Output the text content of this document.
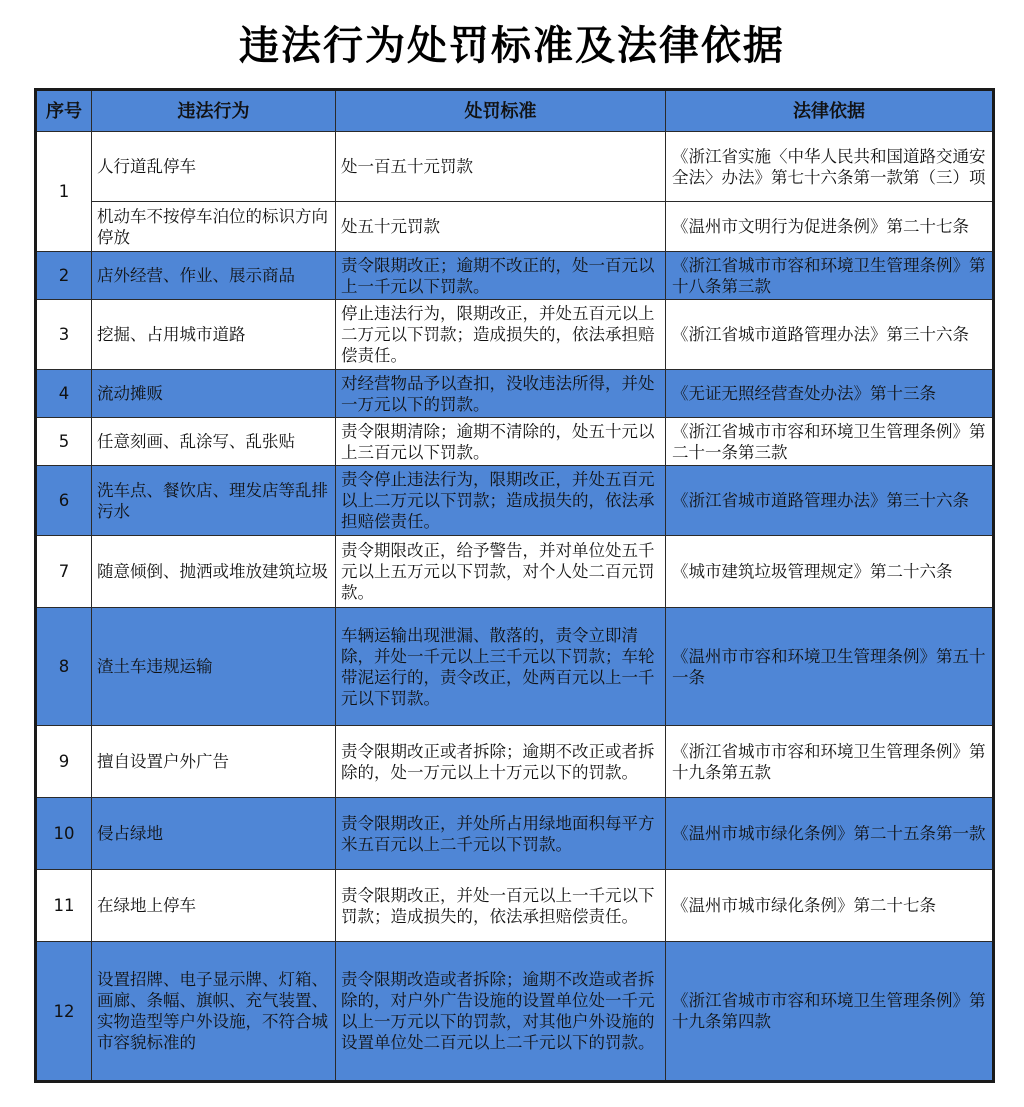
违法行为处罚标准及法律依据
序号	违法行为	处罚标准	法律依据
1	人行道乱停车	处一百五十元罚款	《浙江省实施〈中华人民共和国道路交通安全法〉办法》第七十六条第一款第（三）项
	机动车不按停车泊位的标识方向停放	处五十元罚款	《温州市文明行为促进条例》第二十七条
2	店外经营、作业、展示商品	责令限期改正；逾期不改正的，处一百元以上一千元以下罚款。	《浙江省城市市容和环境卫生管理条例》第十八条第三款
3	挖掘、占用城市道路	停止违法行为，限期改正，并处五百元以上二万元以下罚款；造成损失的，依法承担赔偿责任。	《浙江省城市道路管理办法》第三十六条
4	流动摊贩	对经营物品予以查扣，没收违法所得，并处一万元以下的罚款。	《无证无照经营查处办法》第十三条
5	任意刻画、乱涂写、乱张贴	责令限期清除；逾期不清除的，处五十元以上三百元以下罚款。	《浙江省城市市容和环境卫生管理条例》第二十一条第三款
6	洗车点、餐饮店、理发店等乱排污水	责令停止违法行为，限期改正，并处五百元以上二万元以下罚款；造成损失的，依法承担赔偿责任。	《浙江省城市道路管理办法》第三十六条
7	随意倾倒、抛洒或堆放建筑垃圾	责令期限改正，给予警告，并对单位处五千元以上五万元以下罚款，对个人处二百元罚款。	《城市建筑垃圾管理规定》第二十六条
8	渣土车违规运输	车辆运输出现泄漏、散落的，责令立即清除，并处一千元以上三千元以下罚款；车轮带泥运行的，责令改正，处两百元以上一千元以下罚款。	《温州市市容和环境卫生管理条例》第五十一条
9	擅自设置户外广告	责令限期改正或者拆除；逾期不改正或者拆除的，处一万元以上十万元以下的罚款。	《浙江省城市市容和环境卫生管理条例》第十九条第五款
10	侵占绿地	责令限期改正，并处所占用绿地面积每平方米五百元以上二千元以下罚款。	《温州市城市绿化条例》第二十五条第一款
11	在绿地上停车	责令限期改正，并处一百元以上一千元以下罚款；造成损失的，依法承担赔偿责任。	《温州市城市绿化条例》第二十七条
12	设置招牌、电子显示牌、灯箱、画廊、条幅、旗帜、充气装置、实物造型等户外设施，不符合城市容貌标准的	责令限期改造或者拆除；逾期不改造或者拆除的，对户外广告设施的设置单位处一千元以上一万元以下的罚款，对其他户外设施的设置单位处二百元以上二千元以下的罚款。	《浙江省城市市容和环境卫生管理条例》第十九条第四款
